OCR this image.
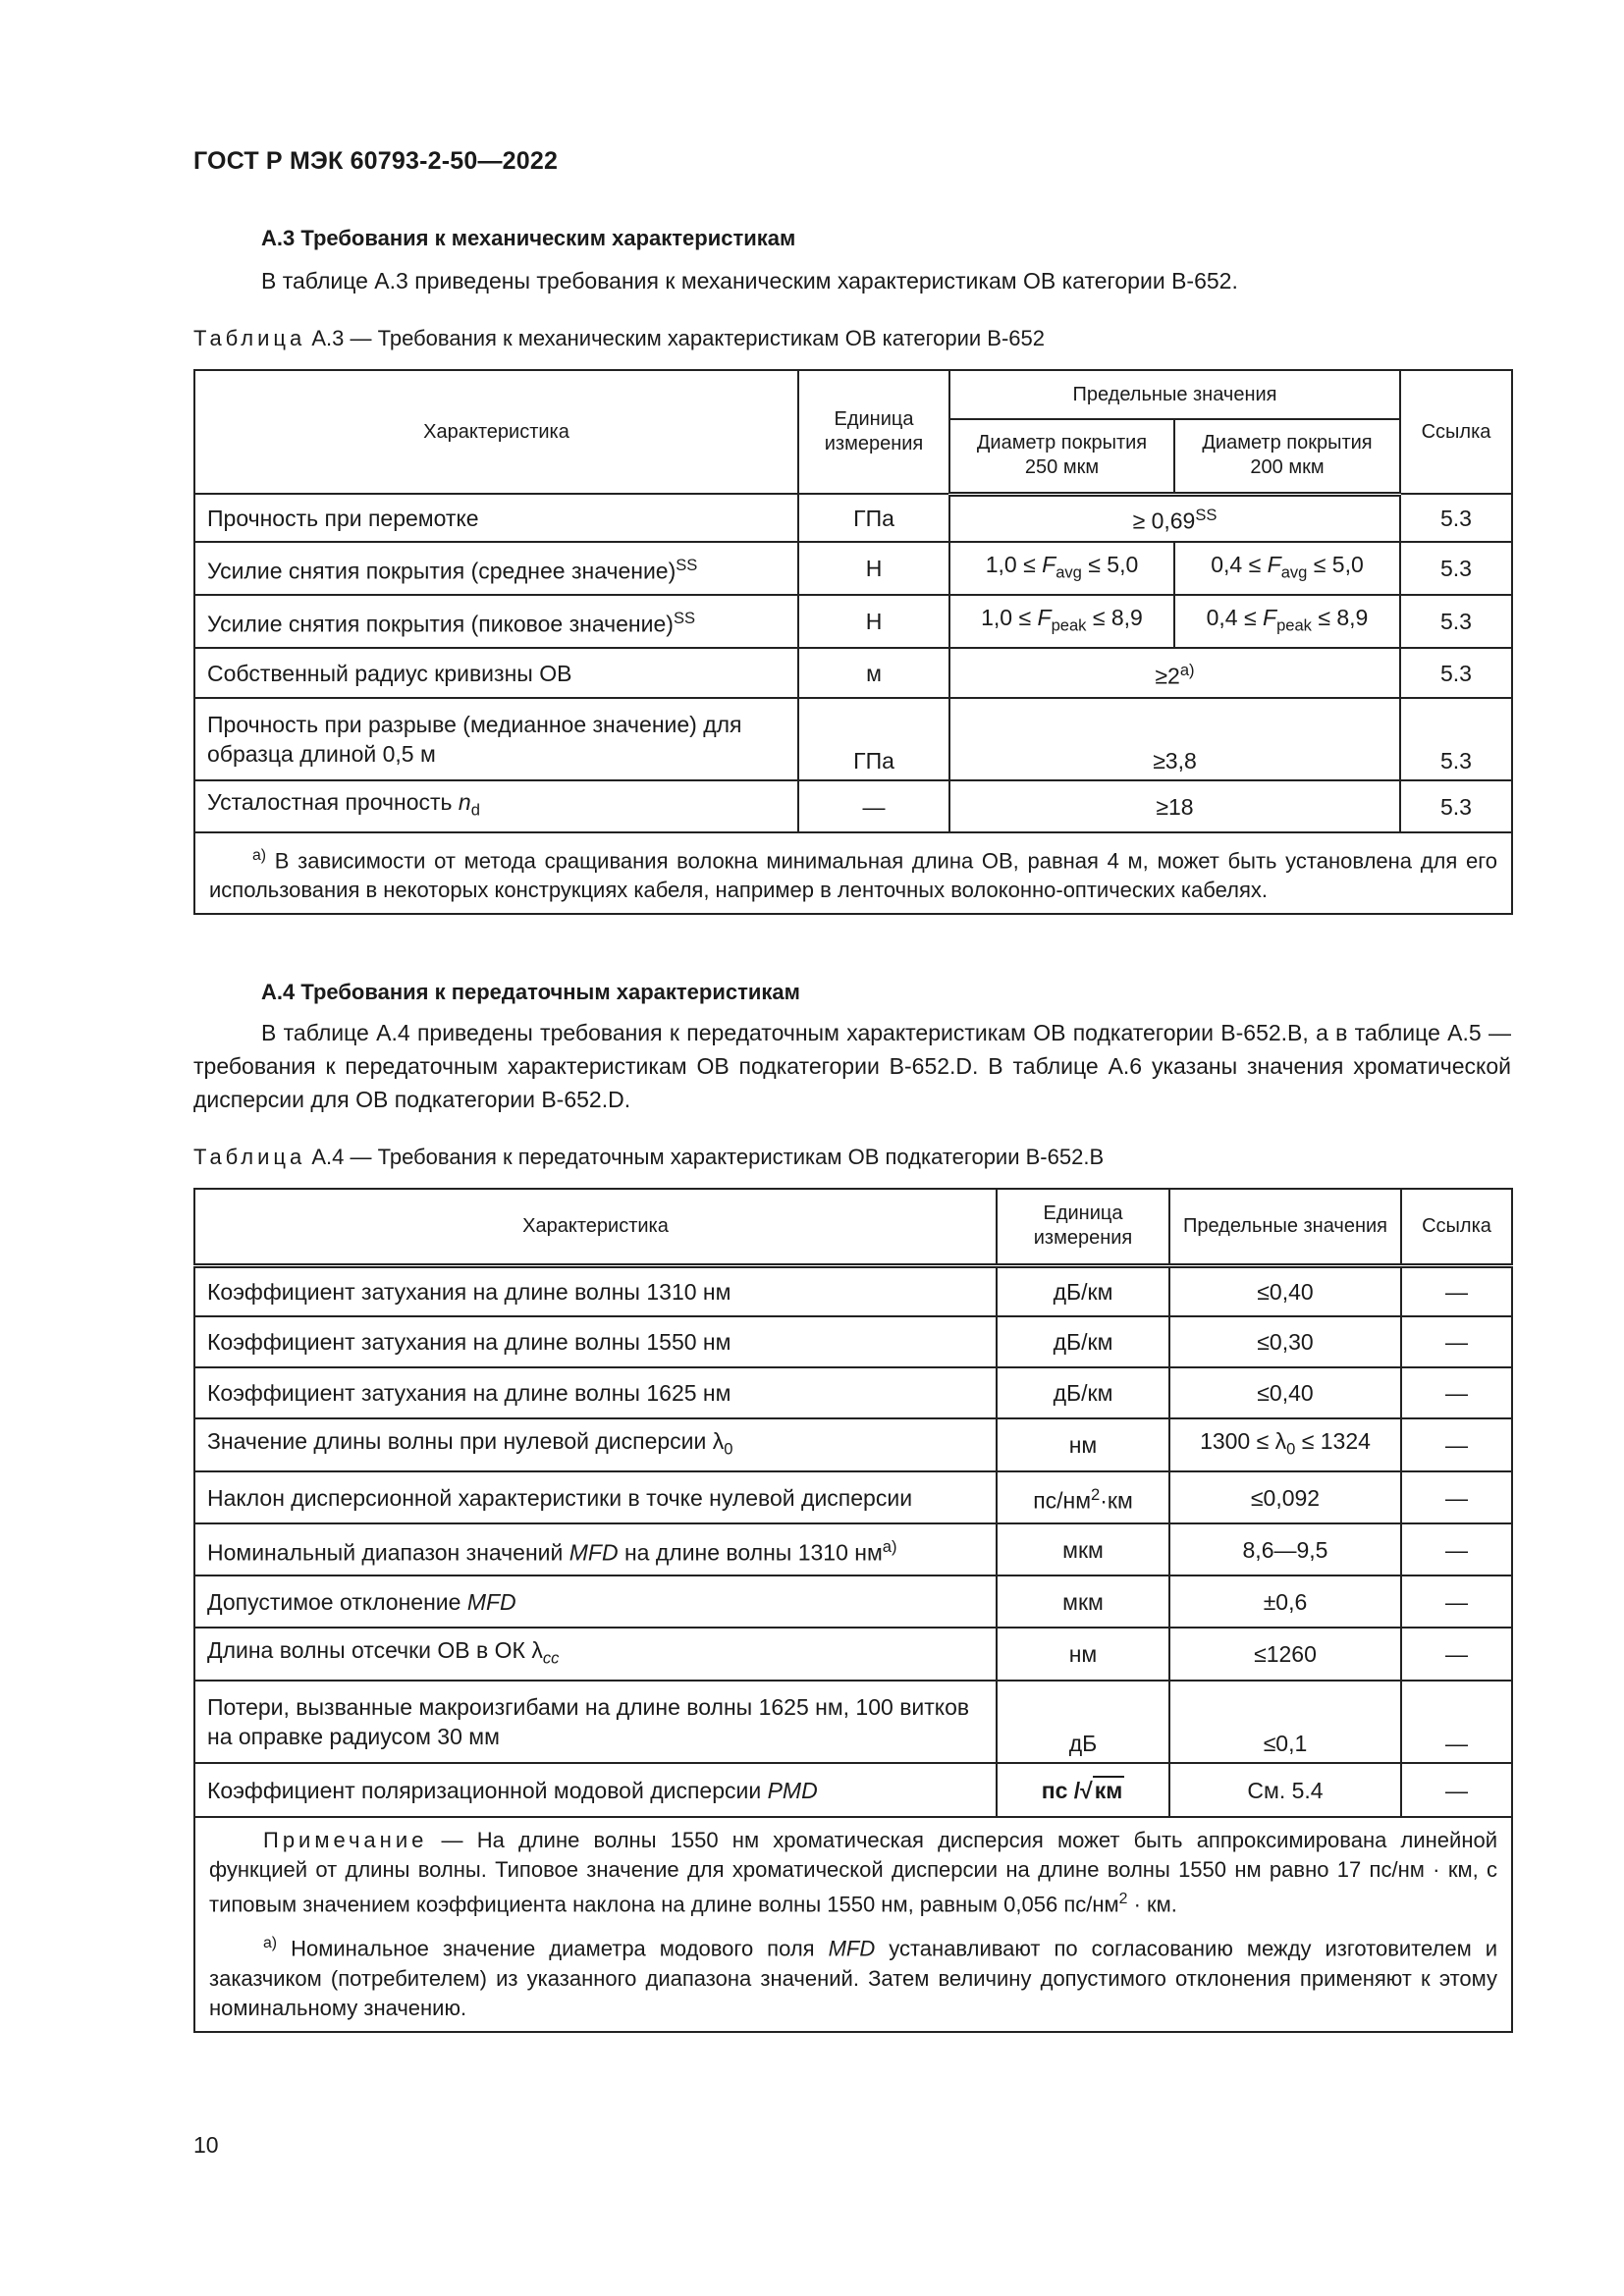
ГОСТ Р МЭК 60793-2-50—2022
А.3 Требования к механическим характеристикам
В таблице А.3 приведены требования к механическим характеристикам ОВ категории B-652.
Таблица А.3 — Требования к механическим характеристикам ОВ категории B-652
Характеристика	Единица измерения	Предельные значения		Ссылка
		Диаметр покрытия 250 мкм	Диаметр покрытия 200 мкм	
Прочность при перемотке	ГПа	≥ $0,69^{SS}$		5.3
Усилие снятия покрытия (среднее значение)$^{SS}$	Н	$1,0 \le F_{avg} \le 5,0$	$0,4 \le F_{avg} \le 5,0$	5.3
Усилие снятия покрытия (пиковое значение)$^{SS}$	Н	$1,0 \le F_{peak} \le 8,9$	$0,4 \le F_{peak} \le 8,9$	5.3
Собственный радиус кривизны ОВ	м	$\ge 2^{а)}$		5.3
Прочность при разрыве (медианное значение) для образца длиной 0,5 м	ГПа	≥3,8		5.3
Усталостная прочность $n_d$	—	≥18		5.3
$^{а)}$ В зависимости от метода сращивания волокна минимальная длина ОВ, равная 4 м, может быть установлена для его использования в некоторых конструкциях кабеля, например в ленточных волоконно-оптических кабелях.				
А.4 Требования к передаточным характеристикам
В таблице А.4 приведены требования к передаточным характеристикам ОВ подкатегории B-652.B, а в таблице А.5 — требования к передаточным характеристикам ОВ подкатегории B-652.D. В таблице А.6 указаны значения хроматической дисперсии для ОВ подкатегории B-652.D.
Таблица А.4 — Требования к передаточным характеристикам ОВ подкатегории B-652.B
Характеристика	Единица измерения	Предельные значения	Ссылка
Коэффициент затухания на длине волны 1310 нм	дБ/км	≤0,40	—
Коэффициент затухания на длине волны 1550 нм	дБ/км	≤0,30	—
Коэффициент затухания на длине волны 1625 нм	дБ/км	≤0,40	—
Значение длины волны при нулевой дисперсии $\lambda_0$	нм	$1300 \le \lambda_0 \le 1324$	—
Наклон дисперсионной характеристики в точке нулевой дисперсии	$пс/нм^2\cdot км$	≤0,092	—
Номинальный диапазон значений MFD на длине волны 1310 $нм^{а)}$	мкм	8,6—9,5	—
Допустимое отклонение MFD	мкм	±0,6	—
Длина волны отсечки ОВ в ОК $\lambda_{cc}$	нм	≤1260	—
Потери, вызванные макроизгибами на длине волны 1625 нм, 100 витков на оправке радиусом 30 мм	дБ	≤0,1	—
Коэффициент поляризационной модовой дисперсии PMD	пс /√км	См. 5.4	—

Примечание — На длине волны 1550 нм хроматическая дисперсия может быть аппроксимирована линейной функцией от длины волны. Типовое значение для хроматической дисперсии на длине волны 1550 нм равно 17 пс/нм · км, с типовым значением коэффициента наклона на длине волны 1550 нм, равным 0,056 $пс/нм^2$ · км.

$^{а)}$ Номинальное значение диаметра модового поля MFD устанавливают по согласованию между изготовителем и заказчиком (потребителем) из указанного диапазона значений. Затем величину допустимого отклонения применяют к этому номинальному значению.			

10
